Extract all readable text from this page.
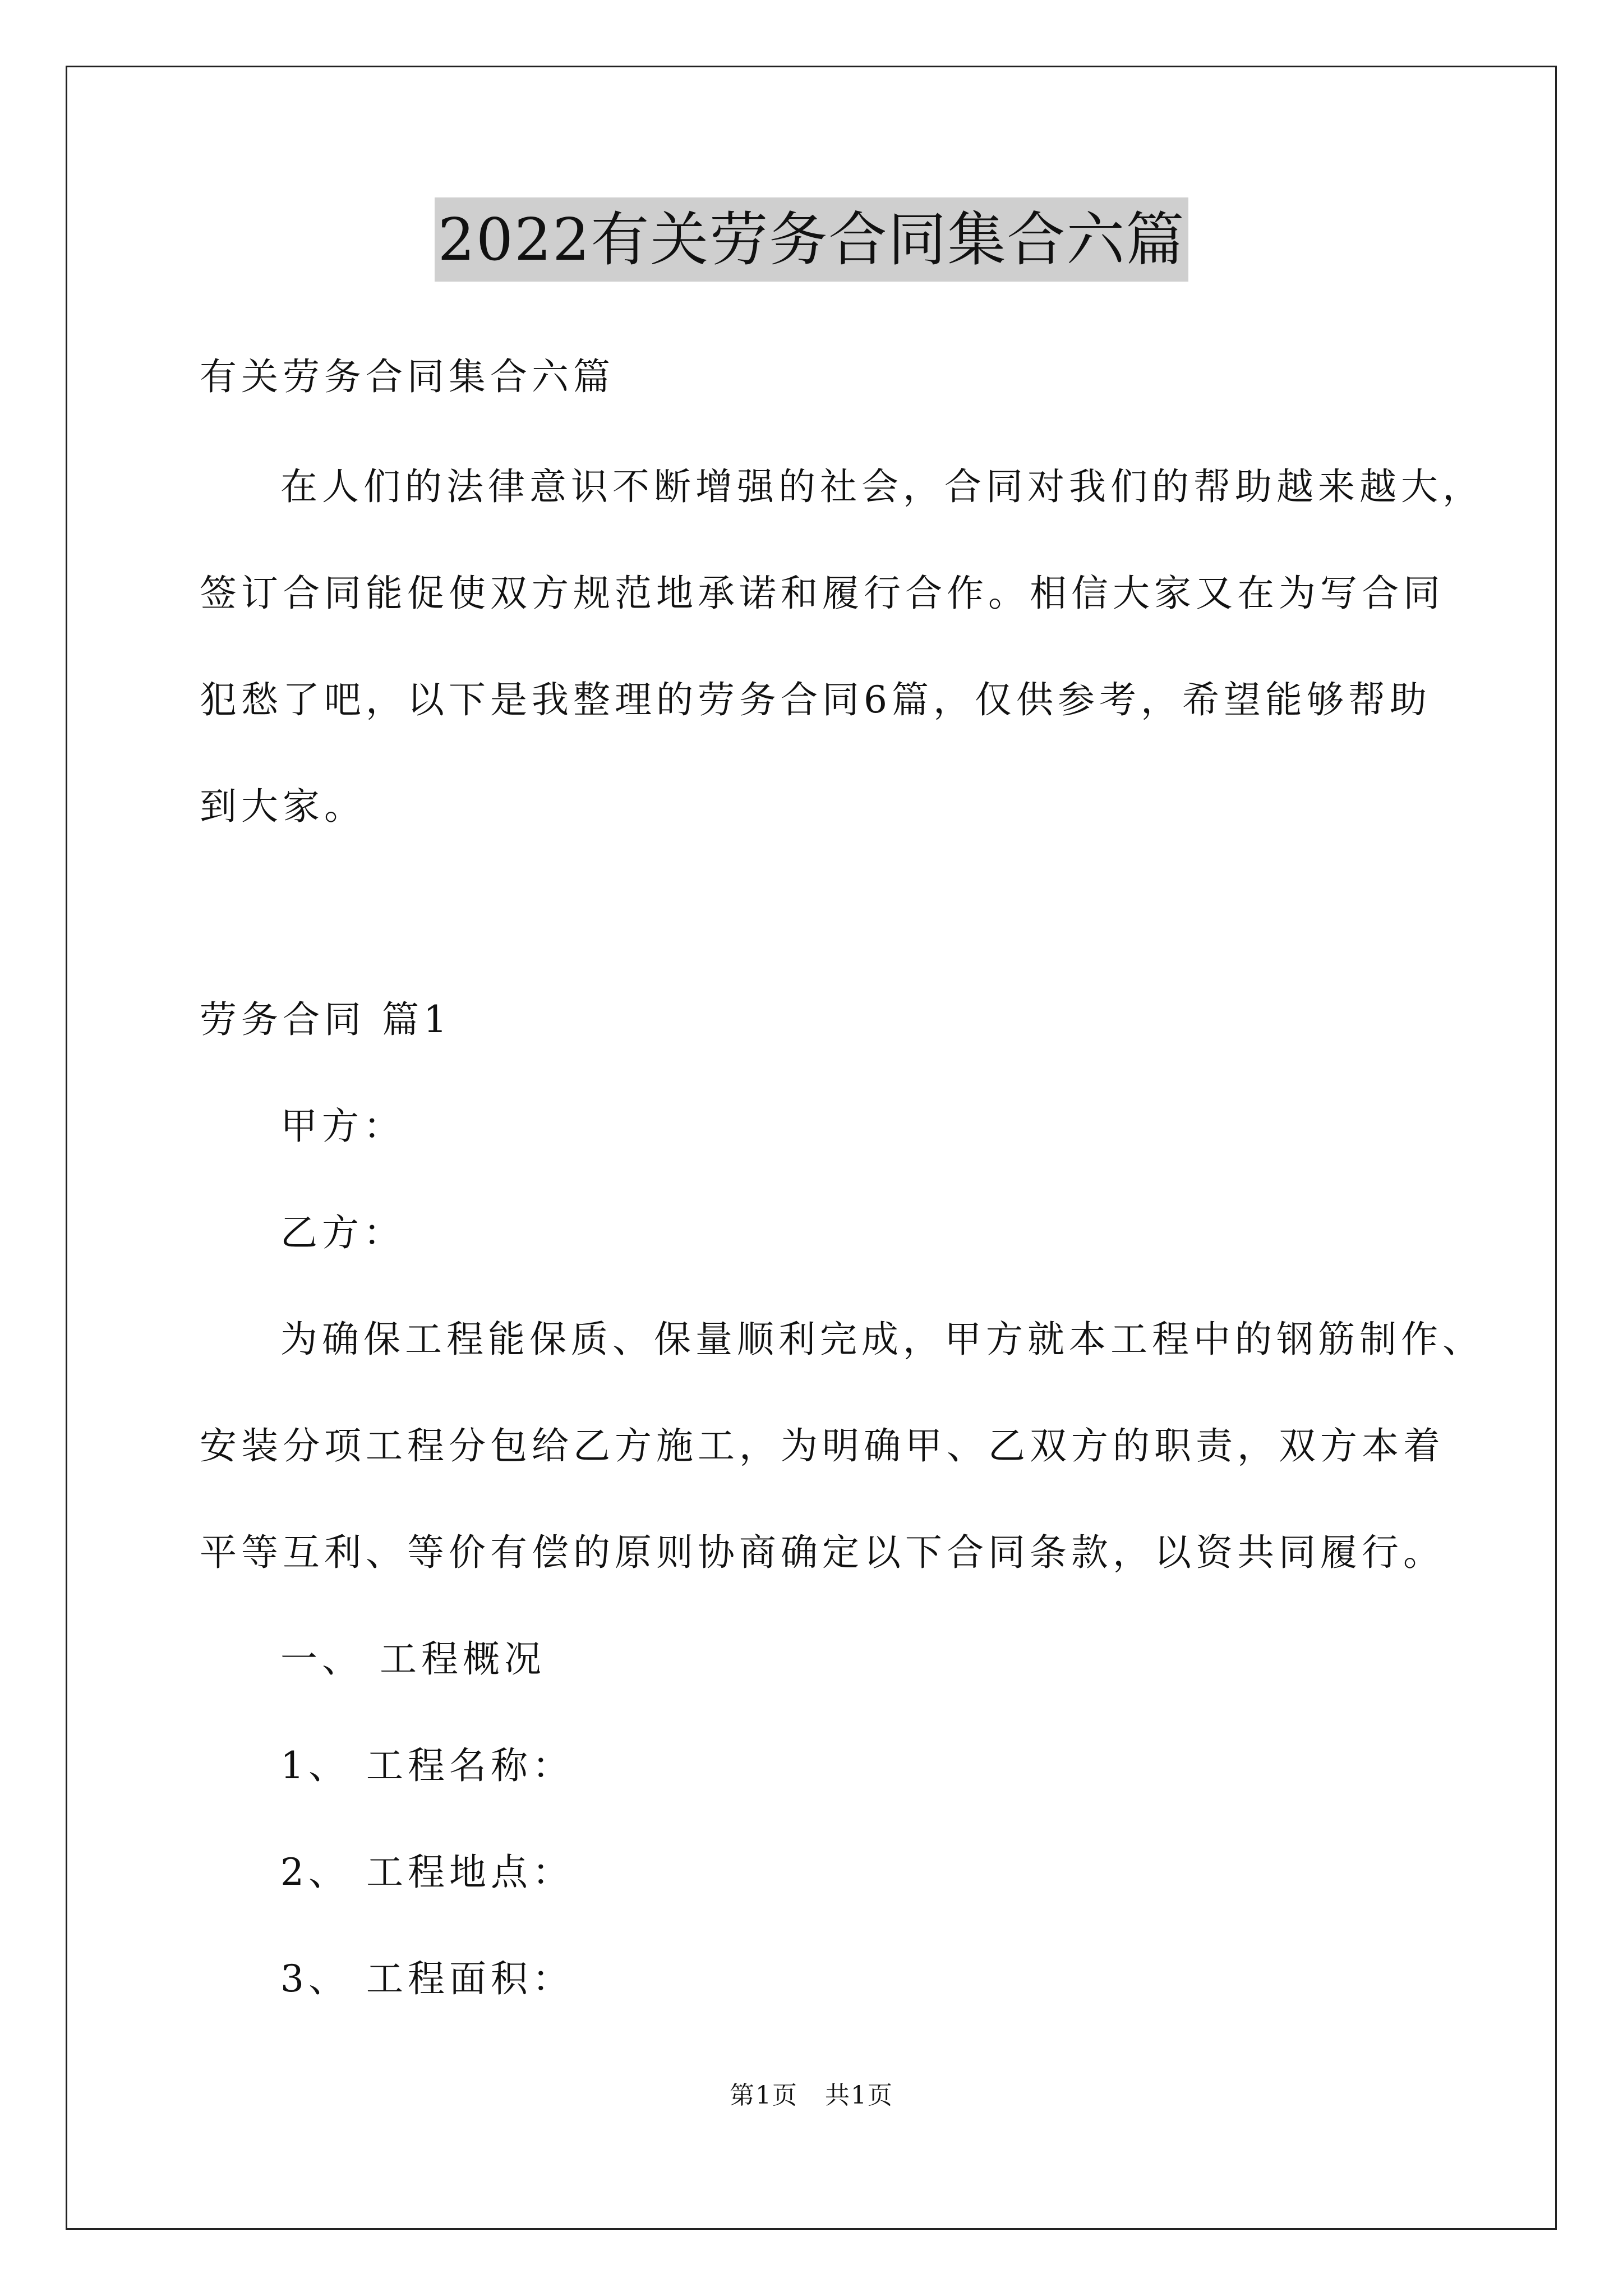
2022有关劳务合同集合六篇
有关劳务合同集合六篇
在人们的法律意识不断增强的社会，合同对我们的帮助越来越大，
签订合同能促使双方规范地承诺和履行合作。相信大家又在为写合同
犯愁了吧，以下是我整理的劳务合同6篇，仅供参考，希望能够帮助
到大家。
劳务合同 篇1
甲方：
乙方：
为确保工程能保质、保量顺利完成，甲方就本工程中的钢筋制作、
安装分项工程分包给乙方施工，为明确甲、乙双方的职责，双方本着
平等互利、等价有偿的原则协商确定以下合同条款，以资共同履行。
一、 工程概况
1、 工程名称：
2、 工程地点：
3、 工程面积：
第1页 共1页
